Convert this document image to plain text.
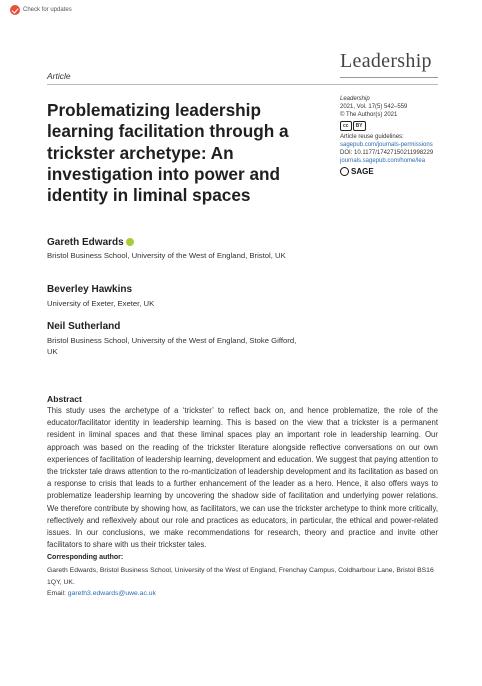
Check for updates
Article
Leadership
Leadership
2021, Vol. 17(5) 542–559
© The Author(s) 2021
cc	BY
Article reuse guidelines:
sagepub.com/journals-permissions
DOI: 10.1177/17427150211998229
journals.sagepub.com/home/lea
SAGE
Problematizing leadership learning facilitation through a trickster archetype: An investigation into power and identity in liminal spaces
Gareth Edwards
Bristol Business School, University of the West of England, Bristol, UK
Beverley Hawkins
University of Exeter, Exeter, UK
Neil Sutherland
Bristol Business School, University of the West of England, Stoke Gifford, UK
Abstract

This study uses the archetype of a ‘trickster’ to reflect back on, and hence problematize, the role of the educator/facilitator identity in leadership learning. This is based on the view that a trickster is a permanent resident in liminal spaces and that these liminal spaces play an important role in leadership learning. Our approach was based on the reading of the trickster literature alongside reflective conversations on our own experiences of facilitation of leadership learning, development and education. We suggest that paying attention to the trickster tale draws attention to the ro-manticization of leadership development and its facilitation as based on a response to crisis that leads to a further enhancement of the leader as a hero. Hence, it also offers ways to problematize leadership learning by uncovering the shadow side of facilitation and underlying power relations. We therefore contribute by showing how, as facilitators, we can use the trickster archetype to think more critically, reflectively and reflexively about our role and practices as educators, in particular, the ethical and power-related issues. In our conclusions, we make recommendations for research, theory and practice and invite other facilitators to share with us their trickster tales.

Corresponding author:
Gareth Edwards, Bristol Business School, University of the West of England, Frenchay Campus, Coldharbour Lane, Bristol BS16 1QY, UK.
Email: gareth3.edwards@uwe.ac.uk
